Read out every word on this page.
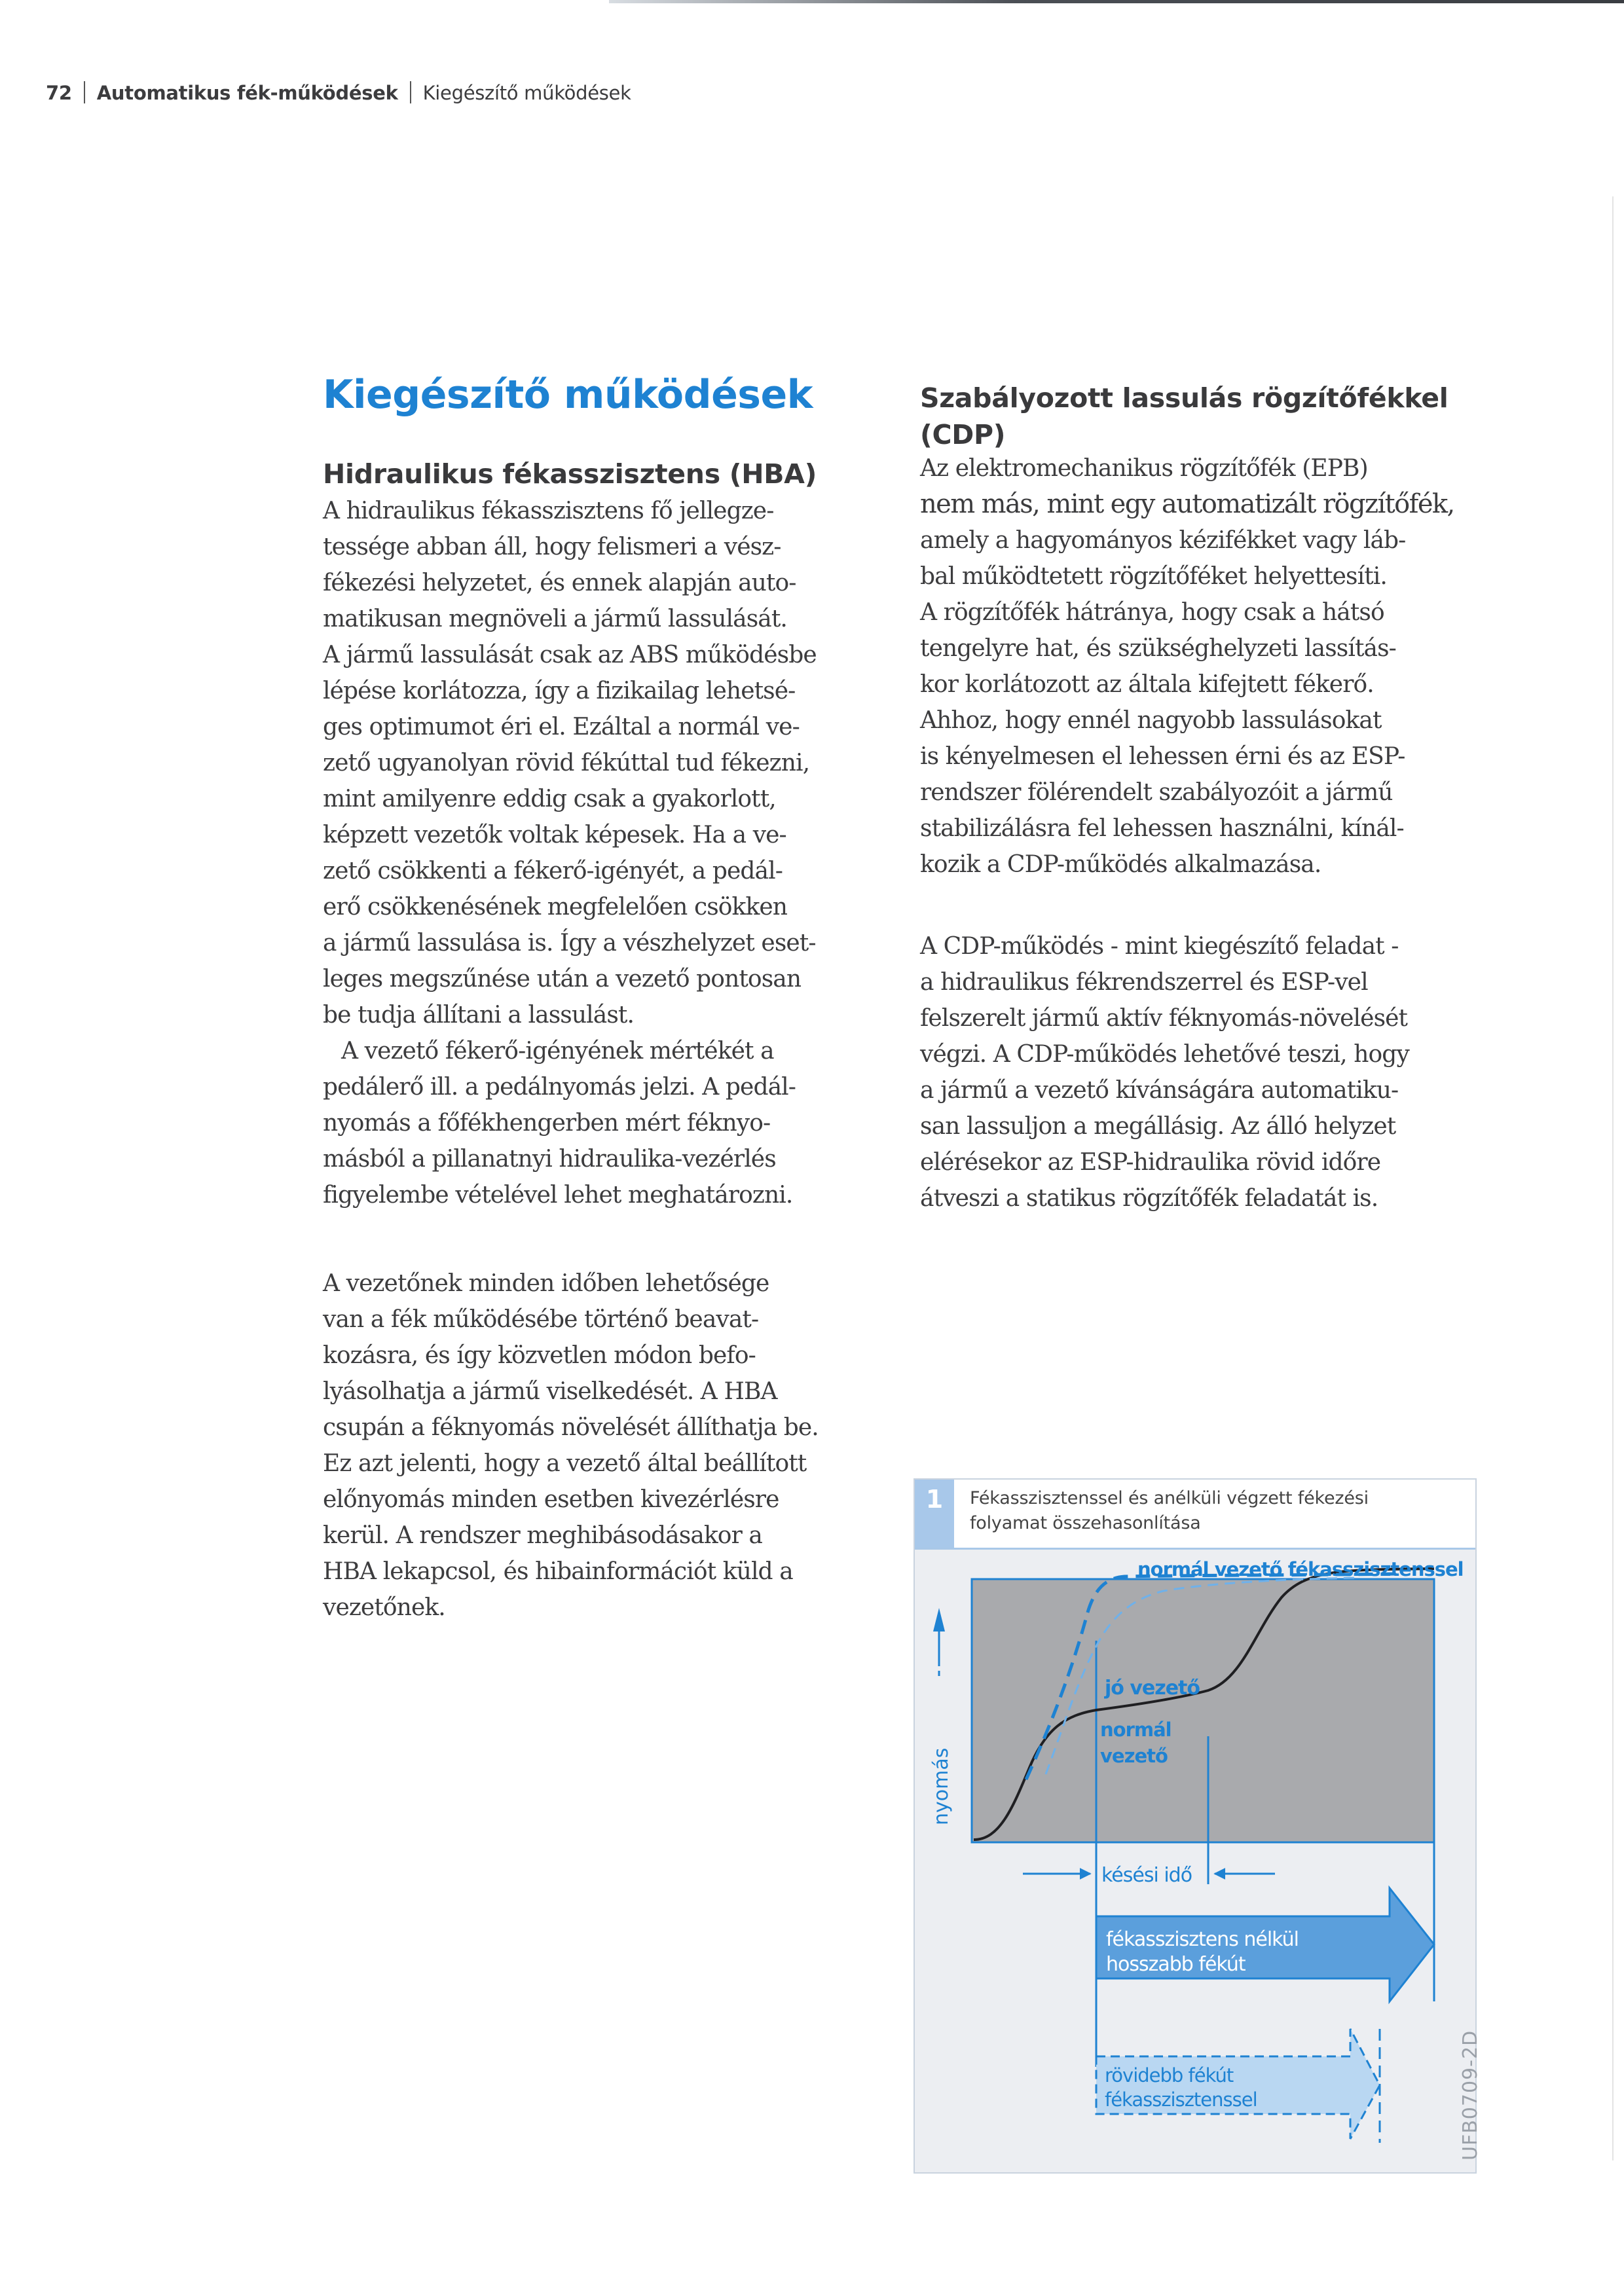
72 Automatikus fék-működések Kiegészítő működések
Kiegészítő működések
Hidraulikus fékasszisztens (HBA)
A hidraulikus fékasszisztens fő jellegze-
tessége abban áll, hogy felismeri a vész-
fékezési helyzetet, és ennek alapján auto-
matikusan megnöveli a jármű lassulását.
A jármű lassulását csak az ABS működésbe
lépése korlátozza, így a fizikailag lehetsé-
ges optimumot éri el. Ezáltal a normál ve-
zető ugyanolyan rövid fékúttal tud fékezni,
mint amilyenre eddig csak a gyakorlott,
képzett vezetők voltak képesek. Ha a ve-
zető csökkenti a fékerő-igényét, a pedál-
erő csökkenésének megfelelően csökken
a jármű lassulása is. Így a vészhelyzet eset-
leges megszűnése után a vezető pontosan
be tudja állítani a lassulást.
A vezető fékerő-igényének mértékét a
pedálerő ill. a pedálnyomás jelzi. A pedál-
nyomás a főfékhengerben mért féknyo-
másból a pillanatnyi hidraulika-vezérlés
figyelembe vételével lehet meghatározni.
A vezetőnek minden időben lehetősége
van a fék működésébe történő beavat-
kozásra, és így közvetlen módon befo-
lyásolhatja a jármű viselkedését. A HBA
csupán a féknyomás növelését állíthatja be.
Ez azt jelenti, hogy a vezető által beállított
előnyomás minden esetben kivezérlésre
kerül. A rendszer meghibásodásakor a
HBA lekapcsol, és hibainformációt küld a
vezetőnek.
Szabályozott lassulás rögzítőfékkel
(CDP)
Az elektromechanikus rögzítőfék (EPB)
nem más, mint egy automatizált rögzítőfék,
amely a hagyományos kézifékket vagy láb-
bal működtetett rögzítőféket helyettesíti.
A rögzítőfék hátránya, hogy csak a hátsó
tengelyre hat, és szükséghelyzeti lassítás-
kor korlátozott az általa kifejtett fékerő.
Ahhoz, hogy ennél nagyobb lassulásokat
is kényelmesen el lehessen érni és az ESP-
rendszer fölérendelt szabályozóit a jármű
stabilizálásra fel lehessen használni, kínál-
kozik a CDP-működés alkalmazása.
A CDP-működés - mint kiegészítő feladat -
a hidraulikus fékrendszerrel és ESP-vel
felszerelt jármű aktív féknyomás-növelését
végzi. A CDP-működés lehetővé teszi, hogy
a jármű a vezető kívánságára automatiku-
san lassuljon a megállásig. Az álló helyzet
elérésekor az ESP-hidraulika rövid időre
átveszi a statikus rögzítőfék feladatát is.
1	Fékasszisztenssel és anélküli végzett fékezési
folyamat összehasonlítása
nyomás
normál vezető fékasszisztenssel
jó vezető
normál
vezető
késési idő
fékasszisztens nélkül
hosszabb fékút
rövidebb fékút
fékasszisztenssel	UFB0709-2D
